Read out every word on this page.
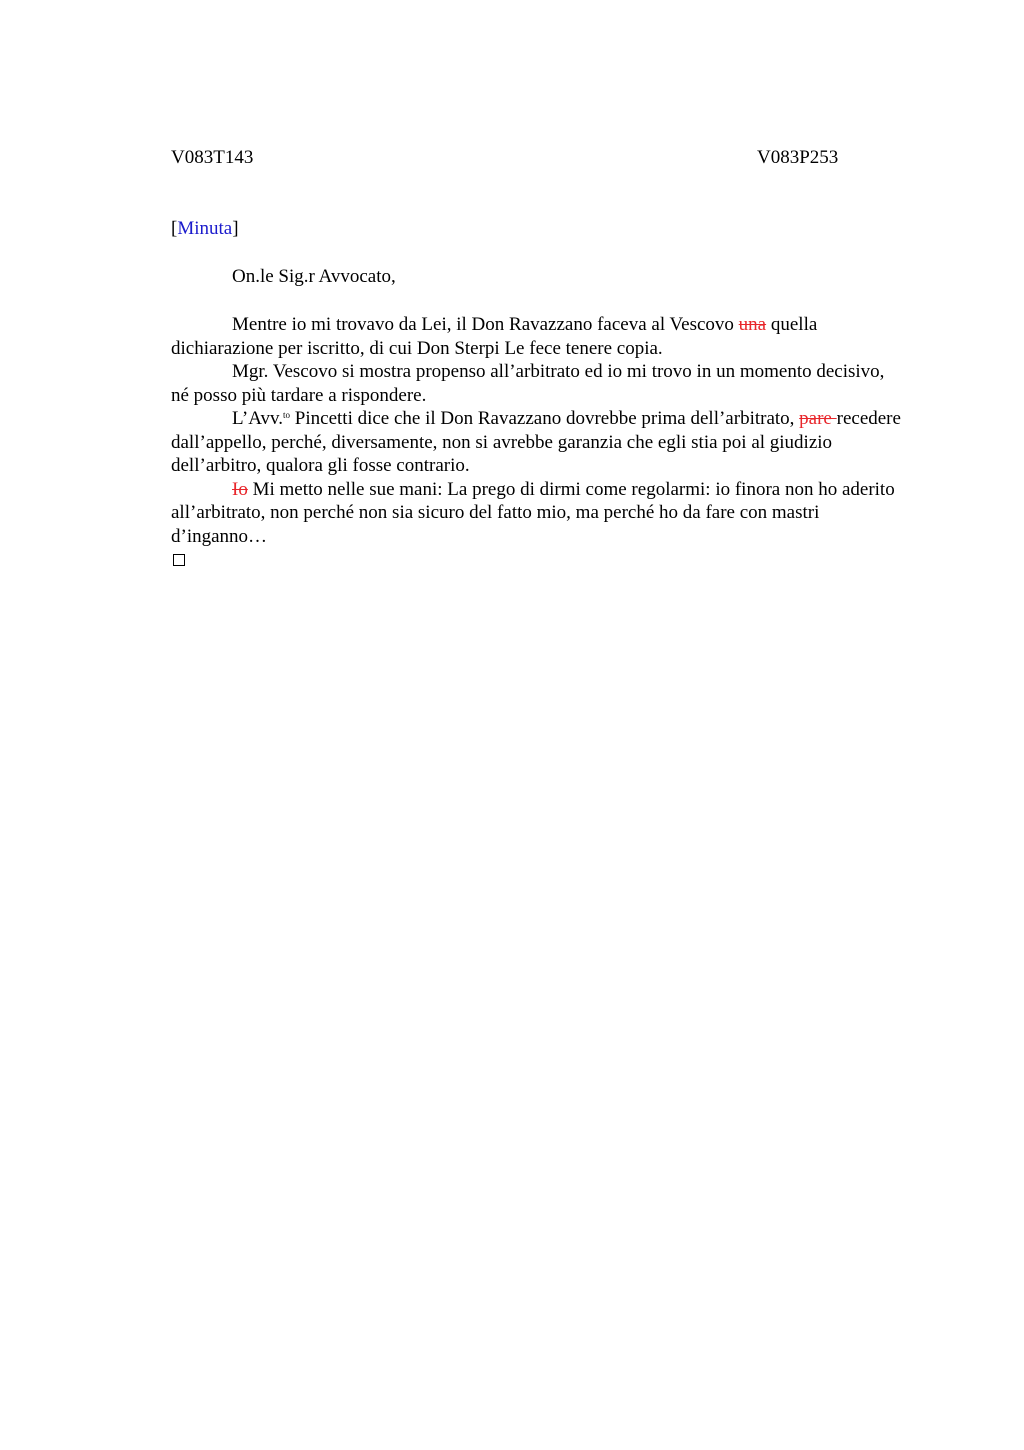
V083T143	V083P253
[Minuta]
On.le Sig.r Avvocato,

Mentre io mi trovavo da Lei, il Don Ravazzano faceva al Vescovo una quella dichiarazione per iscritto, di cui Don Sterpi Le fece tenere copia.

Mgr. Vescovo si mostra propenso all’arbitrato ed io mi trovo in un momento decisivo, né posso più tardare a rispondere.

L’Avv.$^{to}$ Pincetti dice che il Don Ravazzano dovrebbe prima dell’arbitrato, pare recedere dall’appello, perché, diversamente, non si avrebbe garanzia che egli stia poi al giudizio dell’arbitro, qualora gli fosse contrario.

Io Mi metto nelle sue mani: La prego di dirmi come regolarmi: io finora non ho aderito all’arbitrato, non perché non sia sicuro del fatto mio, ma perché ho da fare con mastri d’inganno…
